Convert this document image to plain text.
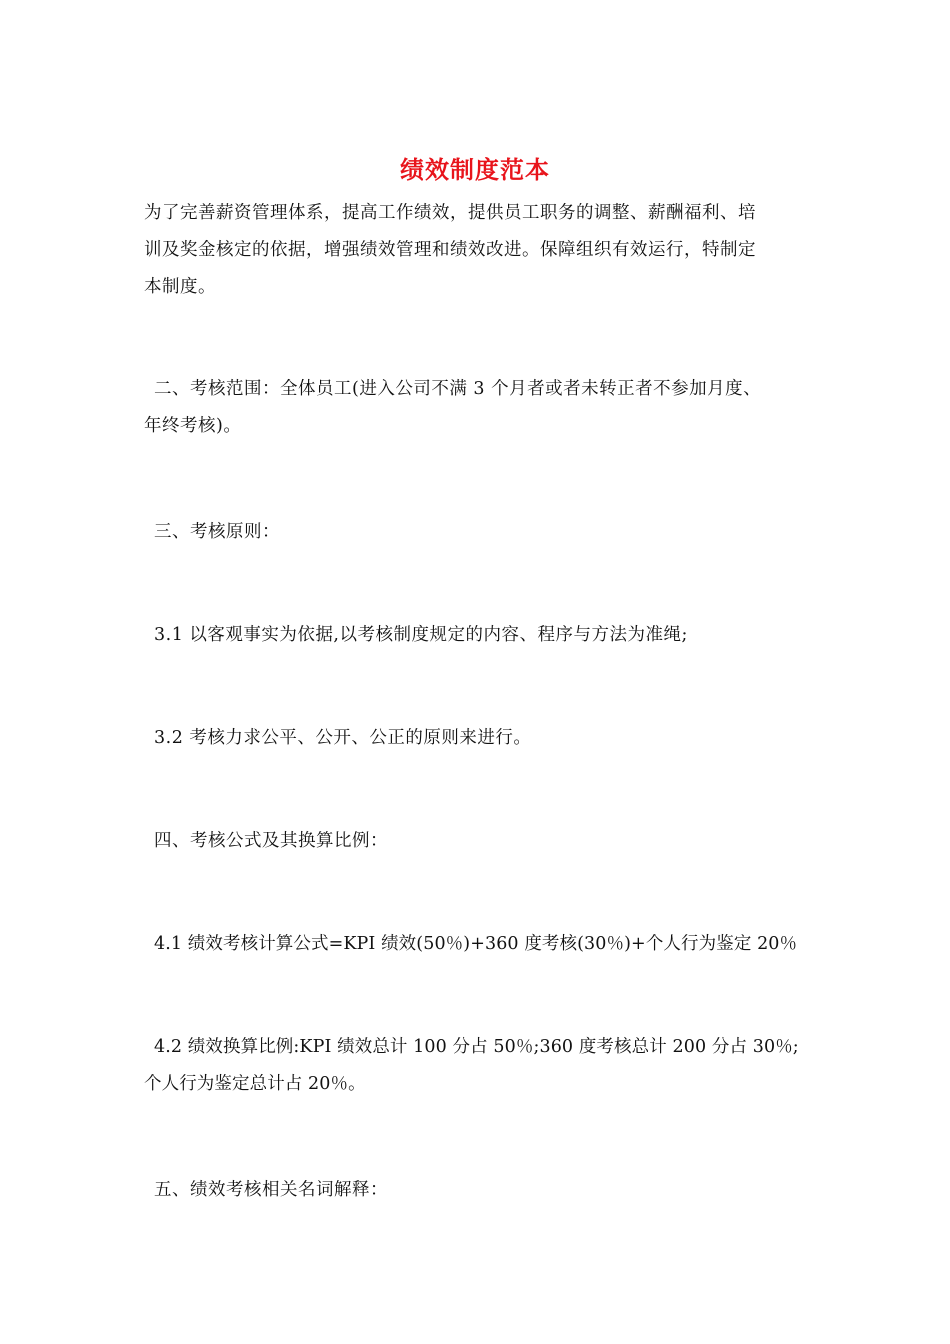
绩效制度范本
为了完善薪资管理体系，提高工作绩效，提供员工职务的调整、薪酬福利、培
训及奖金核定的依据，增强绩效管理和绩效改进。保障组织有效运行，特制定
本制度。
二、考核范围：全体员工(进入公司不满 3 个月者或者未转正者不参加月度、
年终考核)。
三、考核原则：
3.1 以客观事实为依据,以考核制度规定的内容、程序与方法为准绳;
3.2 考核力求公平、公开、公正的原则来进行。
四、考核公式及其换算比例：
4.1 绩效考核计算公式=KPI 绩效(50％)+360 度考核(30％)+个人行为鉴定 20％
4.2 绩效换算比例:KPI 绩效总计 100 分占 50％;360 度考核总计 200 分占 30％;
个人行为鉴定总计占 20％。
五、绩效考核相关名词解释：
